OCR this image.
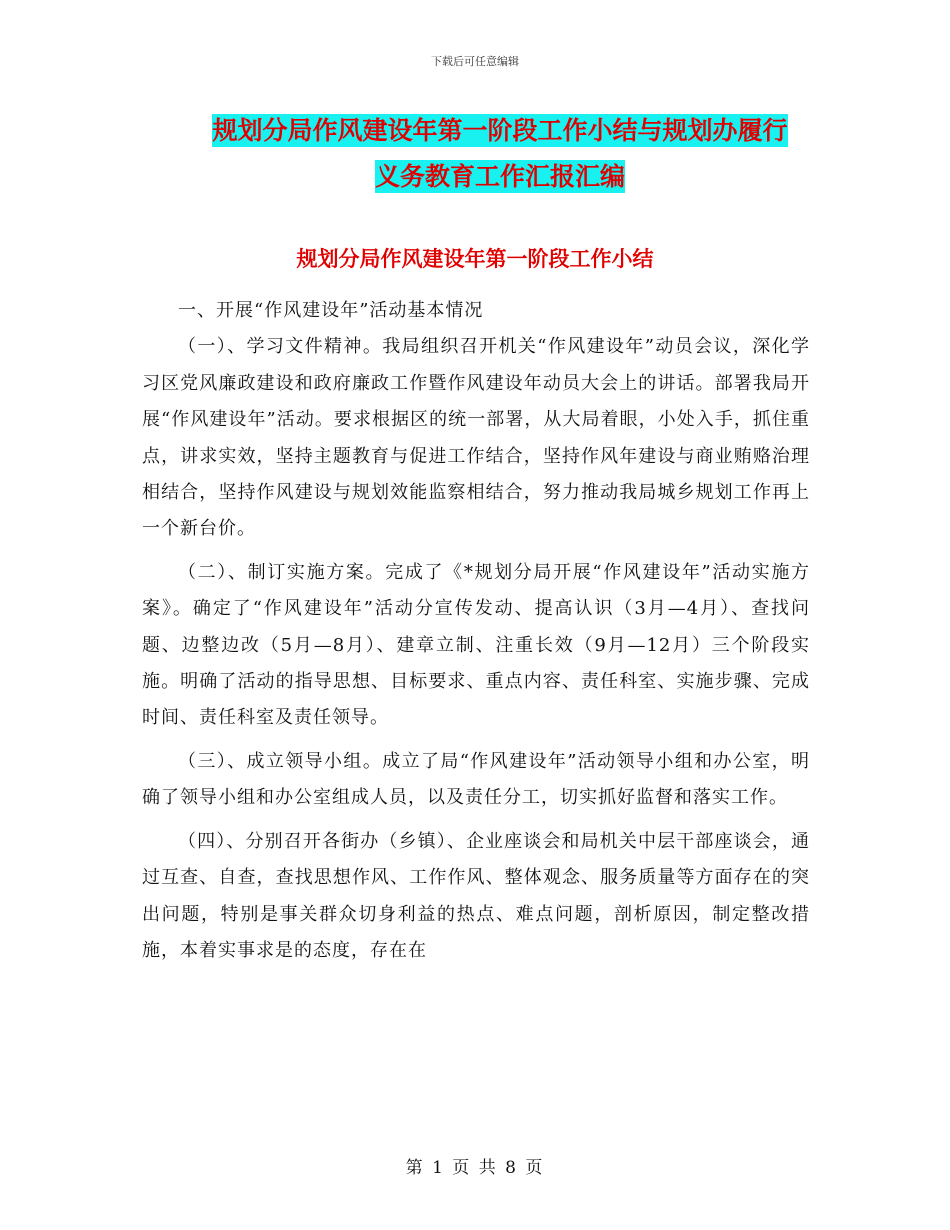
下载后可任意编辑
规划分局作风建设年第一阶段工作小结与规划办履行
义务教育工作汇报汇编
规划分局作风建设年第一阶段工作小结

一、开展“作风建设年”活动基本情况

（一）、学习文件精神。我局组织召开机关“作风建设年”动员会议，深化学习区党风廉政建设和政府廉政工作暨作风建设年动员大会上的讲话。部署我局开展“作风建设年”活动。要求根据区的统一部署，从大局着眼，小处入手，抓住重点，讲求实效，坚持主题教育与促进工作结合，坚持作风年建设与商业贿赂治理相结合，坚持作风建设与规划效能监察相结合，努力推动我局城乡规划工作再上一个新台价。

（二）、制订实施方案。完成了《*规划分局开展“作风建设年”活动实施方案》。确定了“作风建设年”活动分宣传发动、提高认识（3月—4月）、查找问题、边整边改（5月—8月）、建章立制、注重长效（9月—12月）三个阶段实施。明确了活动的指导思想、目标要求、重点内容、责任科室、实施步骤、完成时间、责任科室及责任领导。

（三）、成立领导小组。成立了局“作风建设年”活动领导小组和办公室，明确了领导小组和办公室组成人员，以及责任分工，切实抓好监督和落实工作。

（四）、分别召开各街办（乡镇）、企业座谈会和局机关中层干部座谈会，通过互查、自查，查找思想作风、工作作风、整体观念、服务质量等方面存在的突出问题，特别是事关群众切身利益的热点、难点问题，剖析原因，制定整改措施，本着实事求是的态度，存在在

第 1 页 共 8 页
